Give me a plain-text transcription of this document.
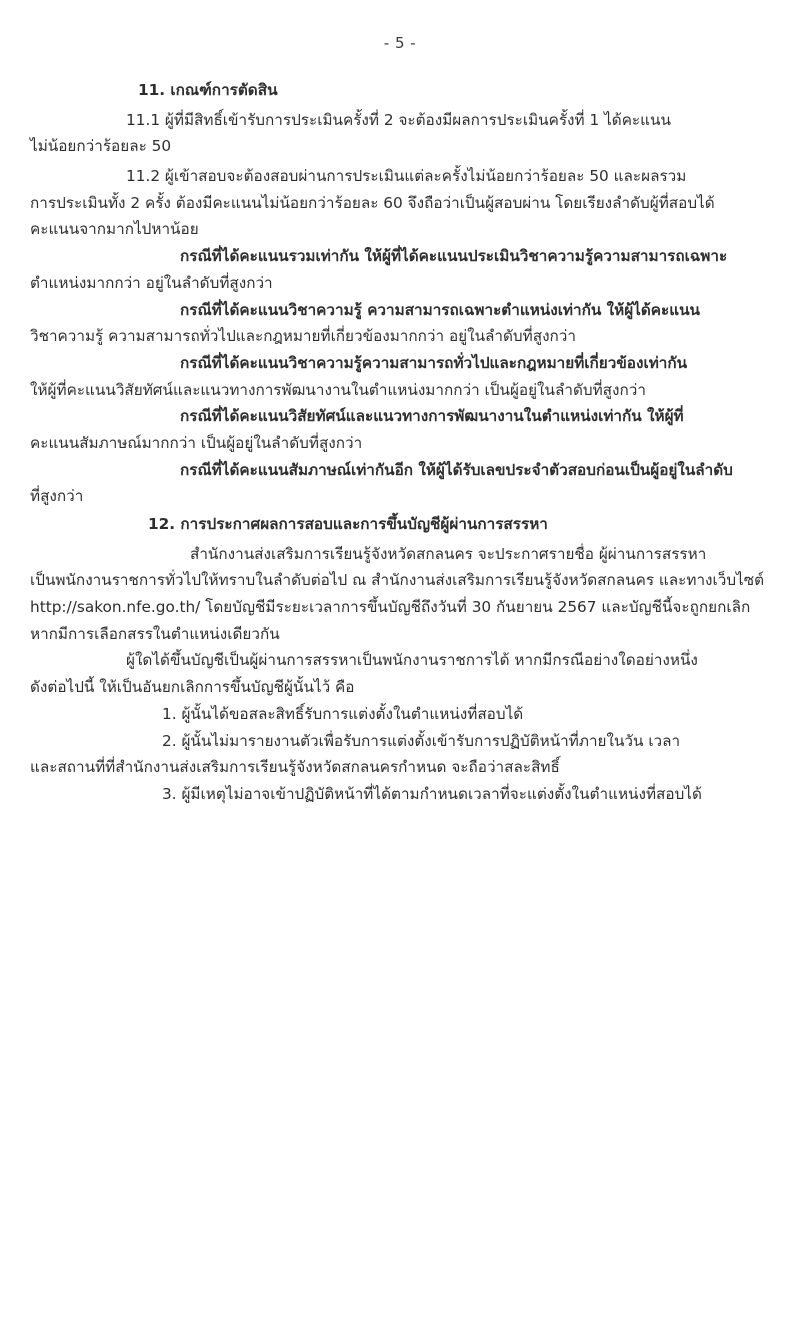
- 5 -

11. เกณฑ์การตัดสิน

11.1 ผู้ที่มีสิทธิ์เข้ารับการประเมินครั้งที่ 2 จะต้องมีผลการประเมินครั้งที่ 1 ได้คะแนน

ไม่น้อยกว่าร้อยละ 50

11.2 ผู้เข้าสอบจะต้องสอบผ่านการประเมินแต่ละครั้งไม่น้อยกว่าร้อยละ 50 และผลรวม

การประเมินทั้ง 2 ครั้ง ต้องมีคะแนนไม่น้อยกว่าร้อยละ 60 จึงถือว่าเป็นผู้สอบผ่าน โดยเรียงลำดับผู้ที่สอบได้

คะแนนจากมากไปหาน้อย

กรณีที่ได้คะแนนรวมเท่ากัน ให้ผู้ที่ได้คะแนนประเมินวิชาความรู้ความสามารถเฉพาะ

ตำแหน่งมากกว่า อยู่ในลำดับที่สูงกว่า

กรณีที่ได้คะแนนวิชาความรู้ ความสามารถเฉพาะตำแหน่งเท่ากัน ให้ผู้ได้คะแนน

วิชาความรู้ ความสามารถทั่วไปและกฎหมายที่เกี่ยวข้องมากกว่า อยู่ในลำดับที่สูงกว่า

กรณีที่ได้คะแนนวิชาความรู้ความสามารถทั่วไปและกฎหมายที่เกี่ยวข้องเท่ากัน

ให้ผู้ที่คะแนนวิสัยทัศน์และแนวทางการพัฒนางานในตำแหน่งมากกว่า เป็นผู้อยู่ในลำดับที่สูงกว่า

กรณีที่ได้คะแนนวิสัยทัศน์และแนวทางการพัฒนางานในตำแหน่งเท่ากัน ให้ผู้ที่

คะแนนสัมภาษณ์มากกว่า เป็นผู้อยู่ในลำดับที่สูงกว่า

กรณีที่ได้คะแนนสัมภาษณ์เท่ากันอีก ให้ผู้ได้รับเลขประจำตัวสอบก่อนเป็นผู้อยู่ในลำดับ

ที่สูงกว่า

12. การประกาศผลการสอบและการขึ้นบัญชีผู้ผ่านการสรรหา

สำนักงานส่งเสริมการเรียนรู้จังหวัดสกลนคร จะประกาศรายชื่อ ผู้ผ่านการสรรหา

เป็นพนักงานราชการทั่วไปให้ทราบในลำดับต่อไป ณ สำนักงานส่งเสริมการเรียนรู้จังหวัดสกลนคร และทางเว็บไซต์

http://sakon.nfe.go.th/ โดยบัญชีมีระยะเวลาการขึ้นบัญชีถึงวันที่ 30 กันยายน 2567 และบัญชีนี้จะถูกยกเลิก

หากมีการเลือกสรรในตำแหน่งเดียวกัน

ผู้ใดได้ขึ้นบัญชีเป็นผู้ผ่านการสรรหาเป็นพนักงานราชการได้ หากมีกรณีอย่างใดอย่างหนึ่ง

ดังต่อไปนี้ ให้เป็นอันยกเลิกการขึ้นบัญชีผู้นั้นไว้ คือ

1. ผู้นั้นได้ขอสละสิทธิ์รับการแต่งตั้งในตำแหน่งที่สอบได้

2. ผู้นั้นไม่มารายงานตัวเพื่อรับการแต่งตั้งเข้ารับการปฏิบัติหน้าที่ภายในวัน เวลา

และสถานที่ที่สำนักงานส่งเสริมการเรียนรู้จังหวัดสกลนครกำหนด จะถือว่าสละสิทธิ์

3. ผู้มีเหตุไม่อาจเข้าปฏิบัติหน้าที่ได้ตามกำหนดเวลาที่จะแต่งตั้งในตำแหน่งที่สอบได้
